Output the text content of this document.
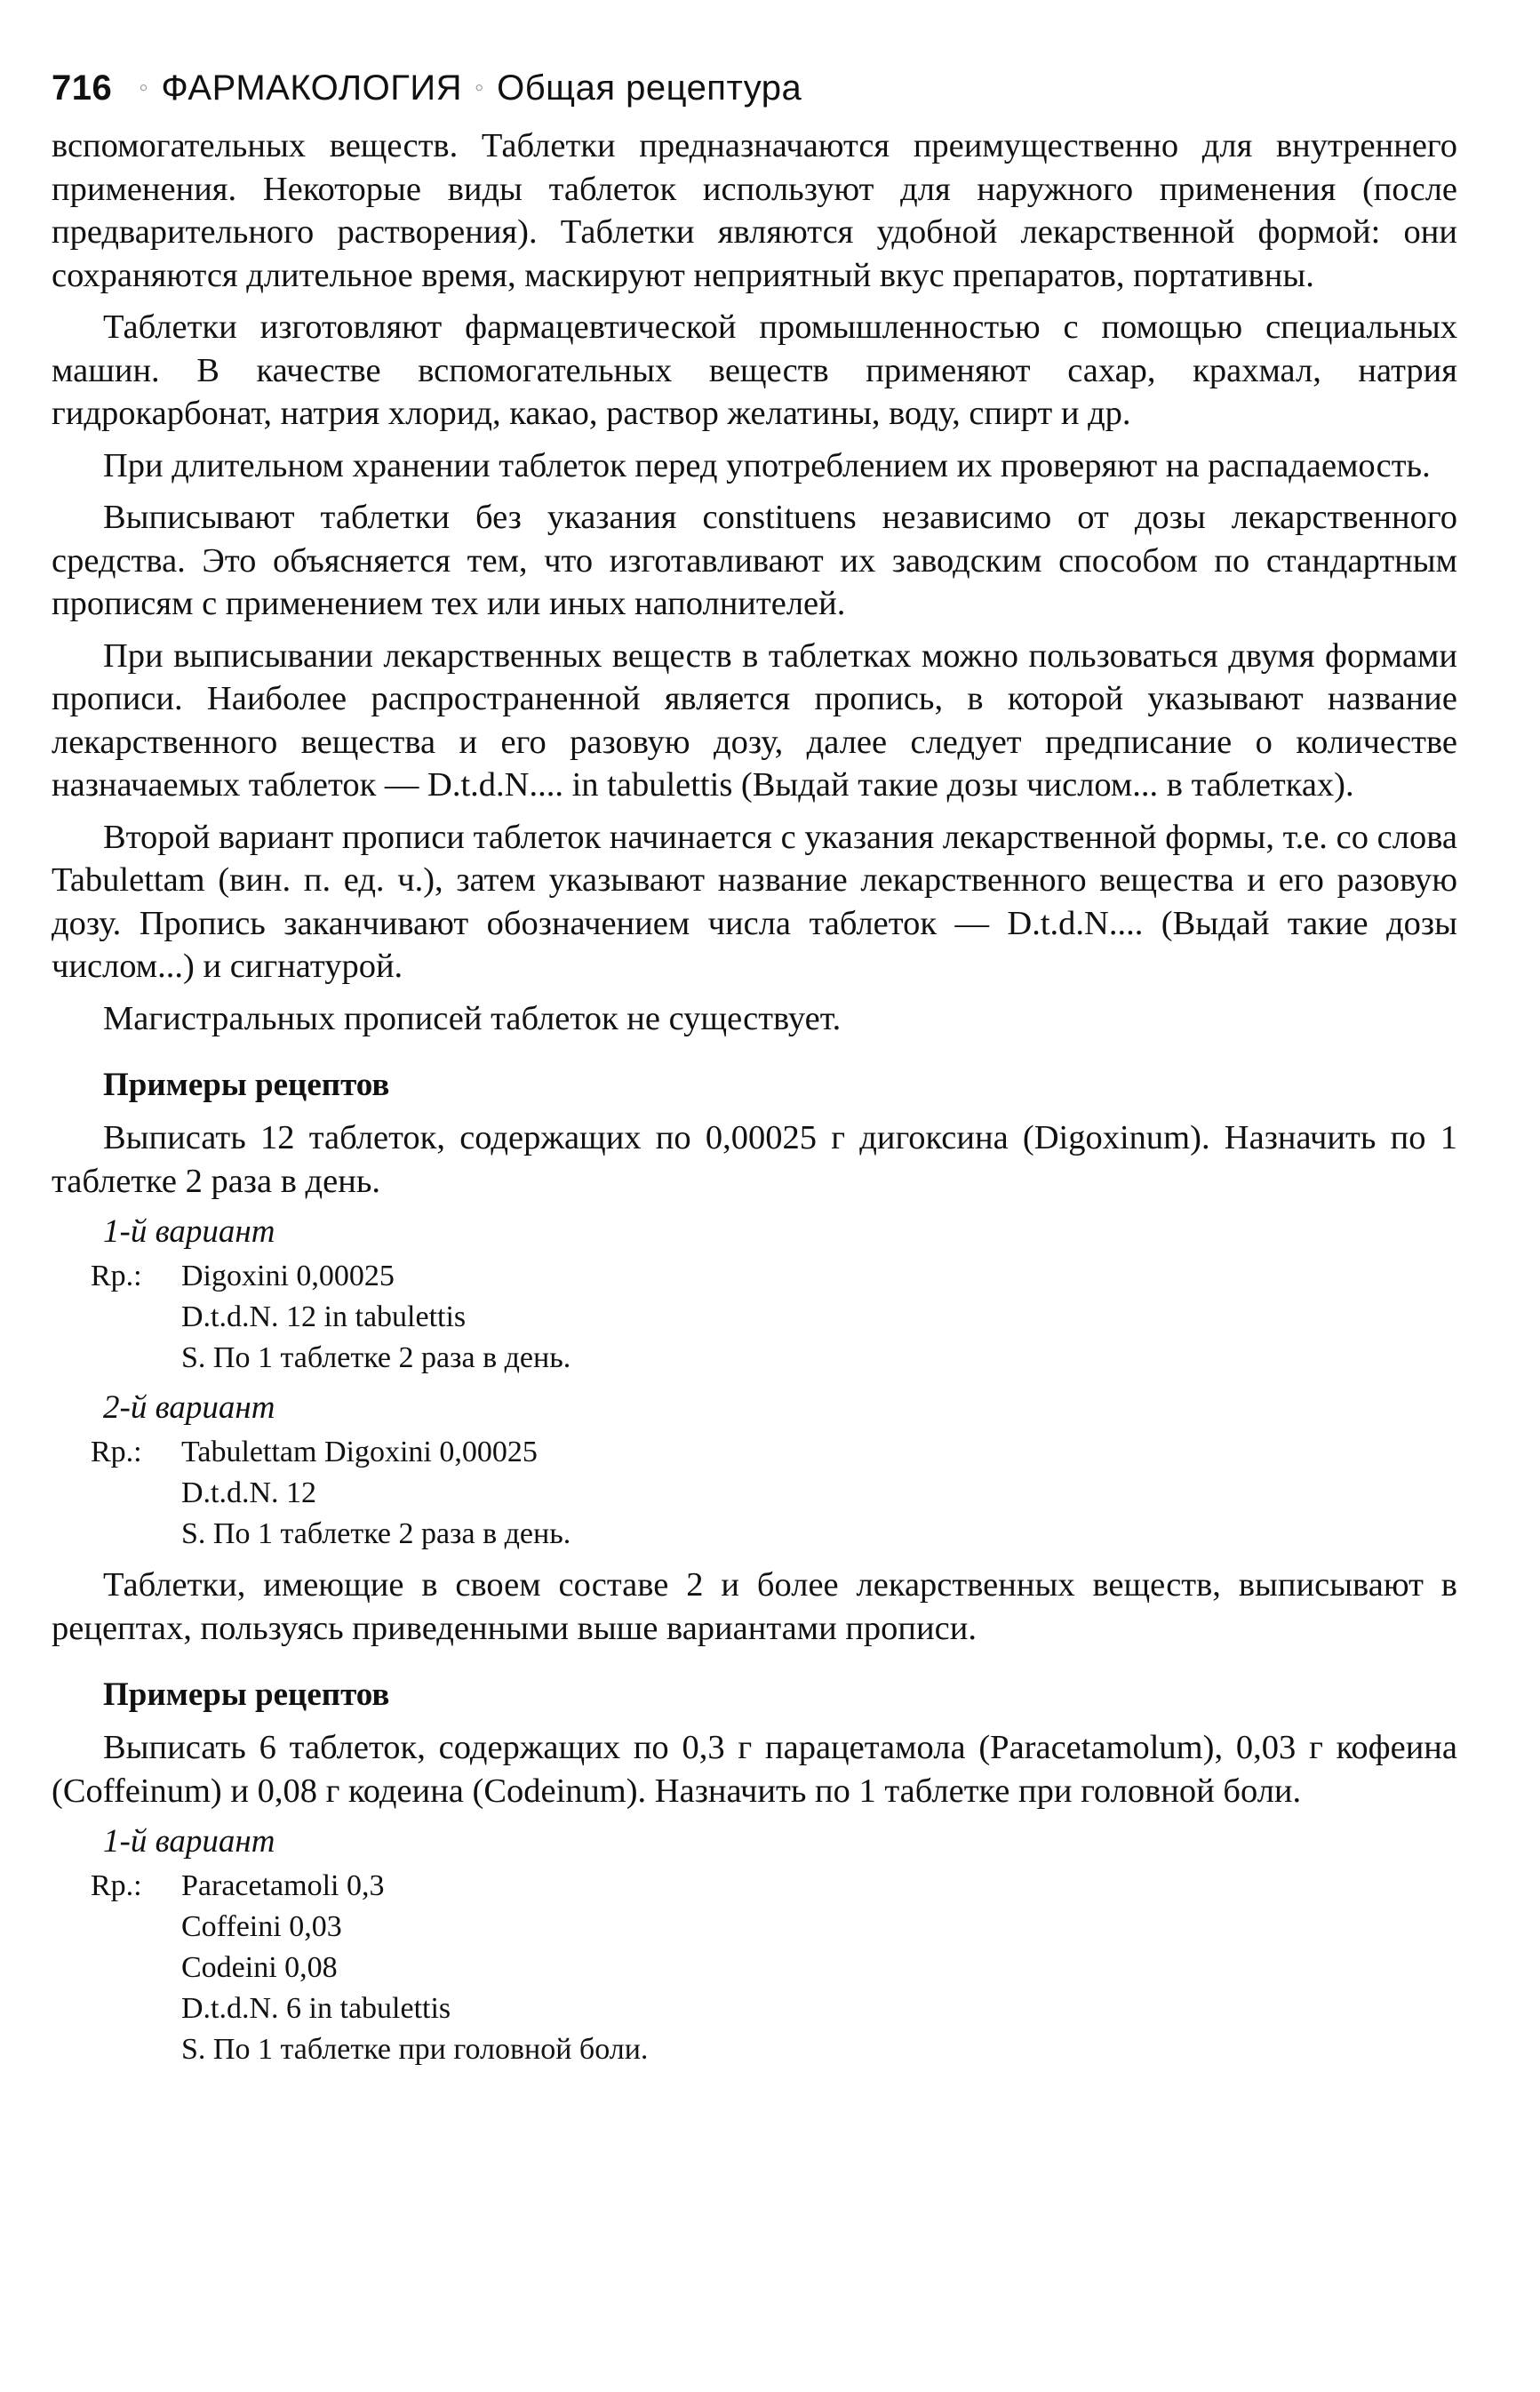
716 ◦ ФАРМАКОЛОГИЯ ◦ Общая рецептура

вспомогательных веществ. Таблетки предназначаются преимущественно для внутреннего применения. Некоторые виды таблеток используют для наружного применения (после предварительного растворения). Таблетки являются удобной лекарственной формой: они сохраняются длительное время, маскируют неприятный вкус препаратов, портативны.

Таблетки изготовляют фармацевтической промышленностью с помощью специальных машин. В качестве вспомогательных веществ применяют сахар, крахмал, натрия гидрокарбонат, натрия хлорид, какао, раствор желатины, воду, спирт и др.

При длительном хранении таблеток перед употреблением их проверяют на распадаемость.

Выписывают таблетки без указания constituens независимо от дозы лекарственного средства. Это объясняется тем, что изготавливают их заводским способом по стандартным прописям с применением тех или иных наполнителей.

При выписывании лекарственных веществ в таблетках можно пользоваться двумя формами прописи. Наиболее распространенной является пропись, в которой указывают название лекарственного вещества и его разовую дозу, далее следует предписание о количестве назначаемых таблеток — D.t.d.N.... in tabulettis (Выдай такие дозы числом... в таблетках).

Второй вариант прописи таблеток начинается с указания лекарственной формы, т.е. со слова Tabulettam (вин. п. ед. ч.), затем указывают название лекарственного вещества и его разовую дозу. Пропись заканчивают обозначением числа таблеток — D.t.d.N.... (Выдай такие дозы числом...) и сигнатурой.

Магистральных прописей таблеток не существует.

Примеры рецептов

Выписать 12 таблеток, содержащих по 0,00025 г дигоксина (Digoxinum). Назначить по 1 таблетке 2 раза в день.

1-й вариант
Rp.:	Digoxini 0,00025
D.t.d.N. 12 in tabulettis
S. По 1 таблетке 2 раза в день.
2-й вариант
Rp.:	Tabulettam Digoxini 0,00025
D.t.d.N. 12
S. По 1 таблетке 2 раза в день.

Таблетки, имеющие в своем составе 2 и более лекарственных веществ, выписывают в рецептах, пользуясь приведенными выше вариантами прописи.

Примеры рецептов

Выписать 6 таблеток, содержащих по 0,3 г парацетамола (Paracetamolum), 0,03 г кофеина (Coffeinum) и 0,08 г кодеина (Codeinum). Назначить по 1 таблетке при головной боли.

1-й вариант
Rp.:	Paracetamoli 0,3
Coffeini 0,03
Codeini 0,08
D.t.d.N. 6 in tabulettis
S. По 1 таблетке при головной боли.
